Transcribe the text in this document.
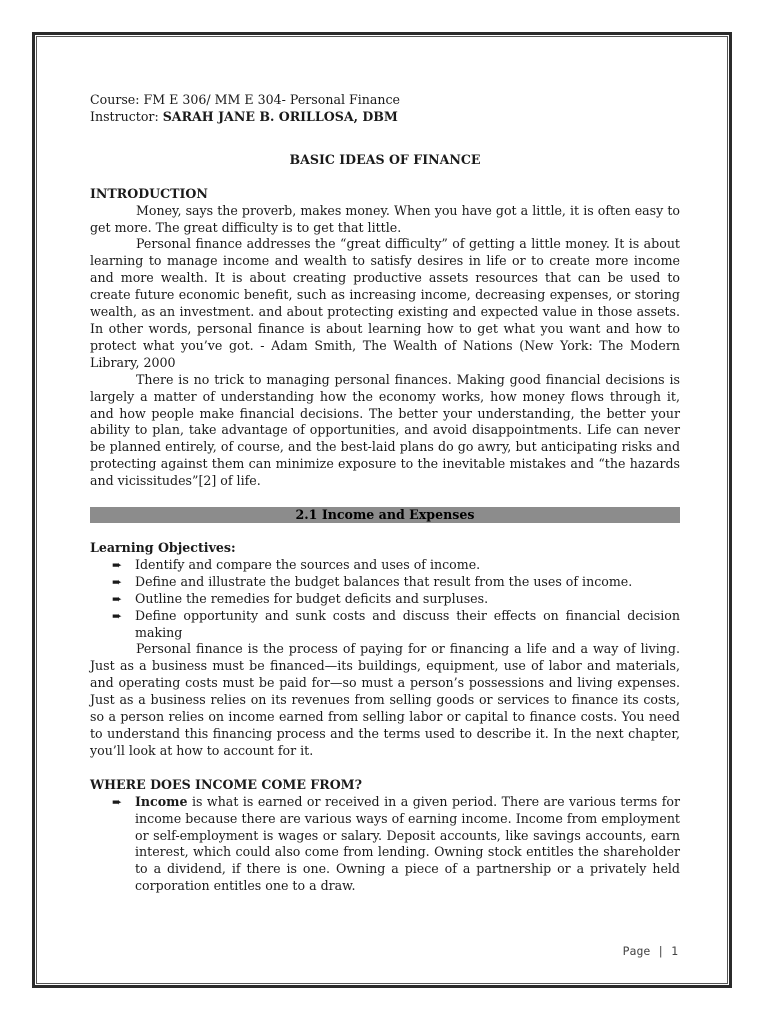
Course: FM E 306/ MM E 304- Personal Finance
Instructor: SARAH JANE B. ORILLOSA, DBM
BASIC IDEAS OF FINANCE
INTRODUCTION

Money, says the proverb, makes money. When you have got a little, it is often easy to get more. The great difficulty is to get that little.

Personal finance addresses the “great difficulty” of getting a little money. It is about learning to manage income and wealth to satisfy desires in life or to create more income and more wealth. It is about creating productive assets resources that can be used to create future economic benefit, such as increasing income, decreasing expenses, or storing wealth, as an investment. and about protecting existing and expected value in those assets. In other words, personal finance is about learning how to get what you want and how to protect what you’ve got. - Adam Smith, The Wealth of Nations (New York: The Modern Library, 2000

There is no trick to managing personal finances. Making good financial decisions is largely a matter of understanding how the economy works, how money flows through it, and how people make financial decisions. The better your understanding, the better your ability to plan, take advantage of opportunities, and avoid disappointments. Life can never be planned entirely, of course, and the best-laid plans do go awry, but anticipating risks and protecting against them can minimize exposure to the inevitable mistakes and “the hazards and vicissitudes”[2] of life.

2.1 Income and Expenses
Learning Objectives:
➨ Identify and compare the sources and uses of income.
➨ Define and illustrate the budget balances that result from the uses of income.
➨ Outline the remedies for budget deficits and surpluses.
➨ Define opportunity and sunk costs and discuss their effects on financial decision making

Personal finance is the process of paying for or financing a life and a way of living. Just as a business must be financed—its buildings, equipment, use of labor and materials, and operating costs must be paid for—so must a person’s possessions and living expenses. Just as a business relies on its revenues from selling goods or services to finance its costs, so a person relies on income earned from selling labor or capital to finance costs. You need to understand this financing process and the terms used to describe it. In the next chapter, you’ll look at how to account for it.

WHERE DOES INCOME COME FROM?
➨ Income is what is earned or received in a given period. There are various terms for income because there are various ways of earning income. Income from employment or self-employment is wages or salary. Deposit accounts, like savings accounts, earn interest, which could also come from lending. Owning stock entitles the shareholder to a dividend, if there is one. Owning a piece of a partnership or a privately held corporation entitles one to a draw.
Page | 1
